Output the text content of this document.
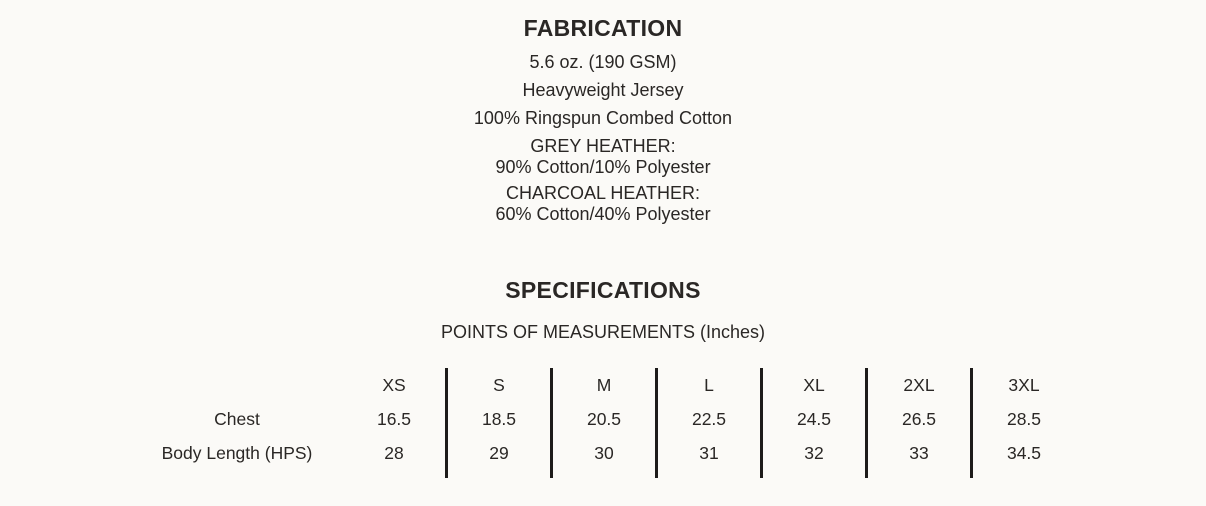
FABRICATION
5.6 oz. (190 GSM)
Heavyweight Jersey
100% Ringspun Combed Cotton
GREY HEATHER:
90% Cotton/10% Polyester
CHARCOAL HEATHER:
60% Cotton/40% Polyester
SPECIFICATIONS
POINTS OF MEASUREMENTS (Inches)
	XS	S	M	L	XL	2XL	3XL
Chest	16.5	18.5	20.5	22.5	24.5	26.5	28.5
Body Length (HPS)	28	29	30	31	32	33	34.5
